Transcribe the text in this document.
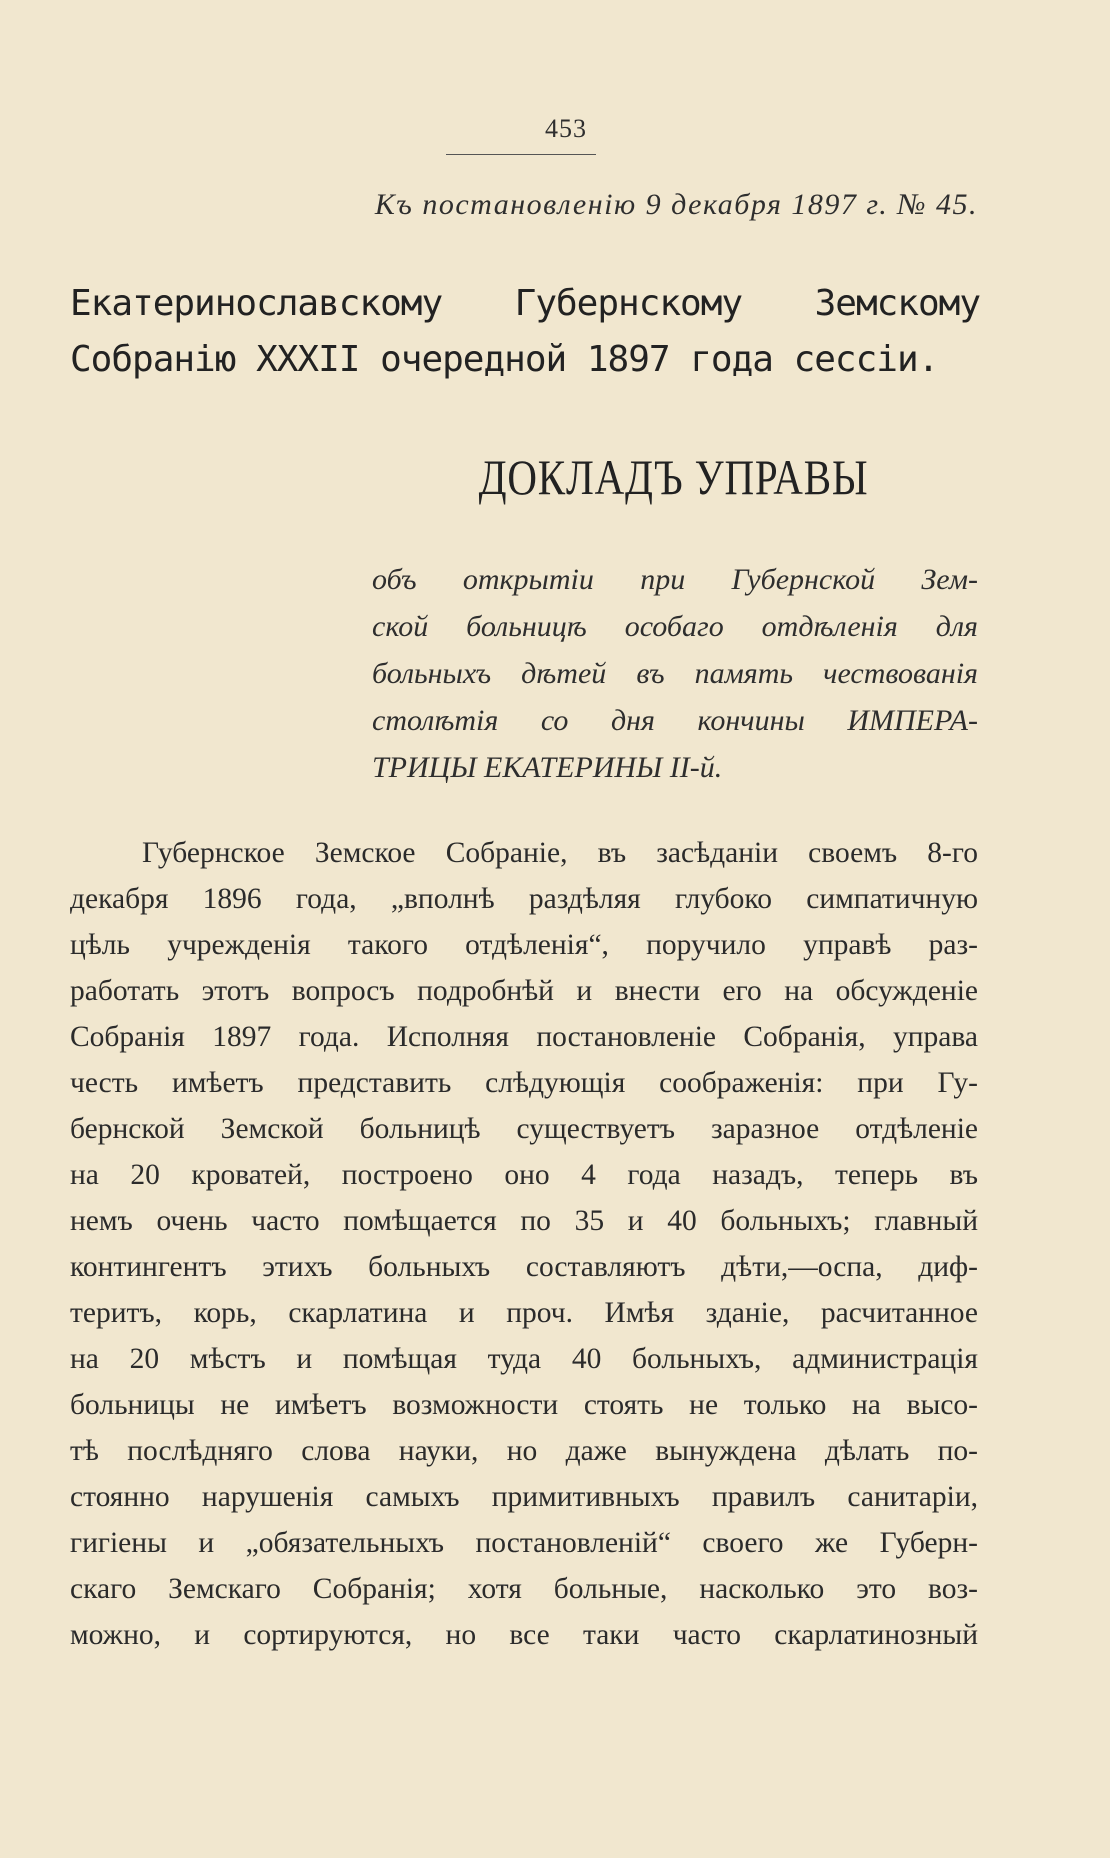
453
Къ постановленію 9 декабря 1897 г. № 45.
Екатеринославскому Губернскому Земскому
Собранію XXXII очередной 1897 года сессіи.
ДОКЛАДЪ УПРАВЫ
объ открытіи при Губернской Зем-
ской больницѣ особаго отдѣленія для
больныхъ дѣтей въ память чествованія
столѣтія со дня кончины ИМПЕРА-
ТРИЦЫ ЕКАТЕРИНЫ II-й.
Губернское Земское Собраніе, въ засѣданіи своемъ 8-го
декабря 1896 года, „вполнѣ раздѣляя глубоко симпатичную
цѣль учрежденія такого отдѣленія“, поручило управѣ раз-
работать этотъ вопросъ подробнѣй и внести его на обсужденіе
Собранія 1897 года. Исполняя постановленіе Собранія, управа
честь имѣетъ представить слѣдующія соображенія: при Гу-
бернской Земской больницѣ существуетъ заразное отдѣленіе
на 20 кроватей, построено оно 4 года назадъ, теперь въ
немъ очень часто помѣщается по 35 и 40 больныхъ; главный
контингентъ этихъ больныхъ составляютъ дѣти,—оспа, диф-
теритъ, корь, скарлатина и проч. Имѣя зданіе, расчитанное
на 20 мѣстъ и помѣщая туда 40 больныхъ, администрація
больницы не имѣетъ возможности стоять не только на высо-
тѣ послѣдняго слова науки, но даже вынуждена дѣлать по-
стоянно нарушенія самыхъ примитивныхъ правилъ санитаріи,
гигіены и „обязательныхъ постановленій“ своего же Губерн-
скаго Земскаго Собранія; хотя больные, насколько это воз-
можно, и сортируются, но все таки часто скарлатинозный
